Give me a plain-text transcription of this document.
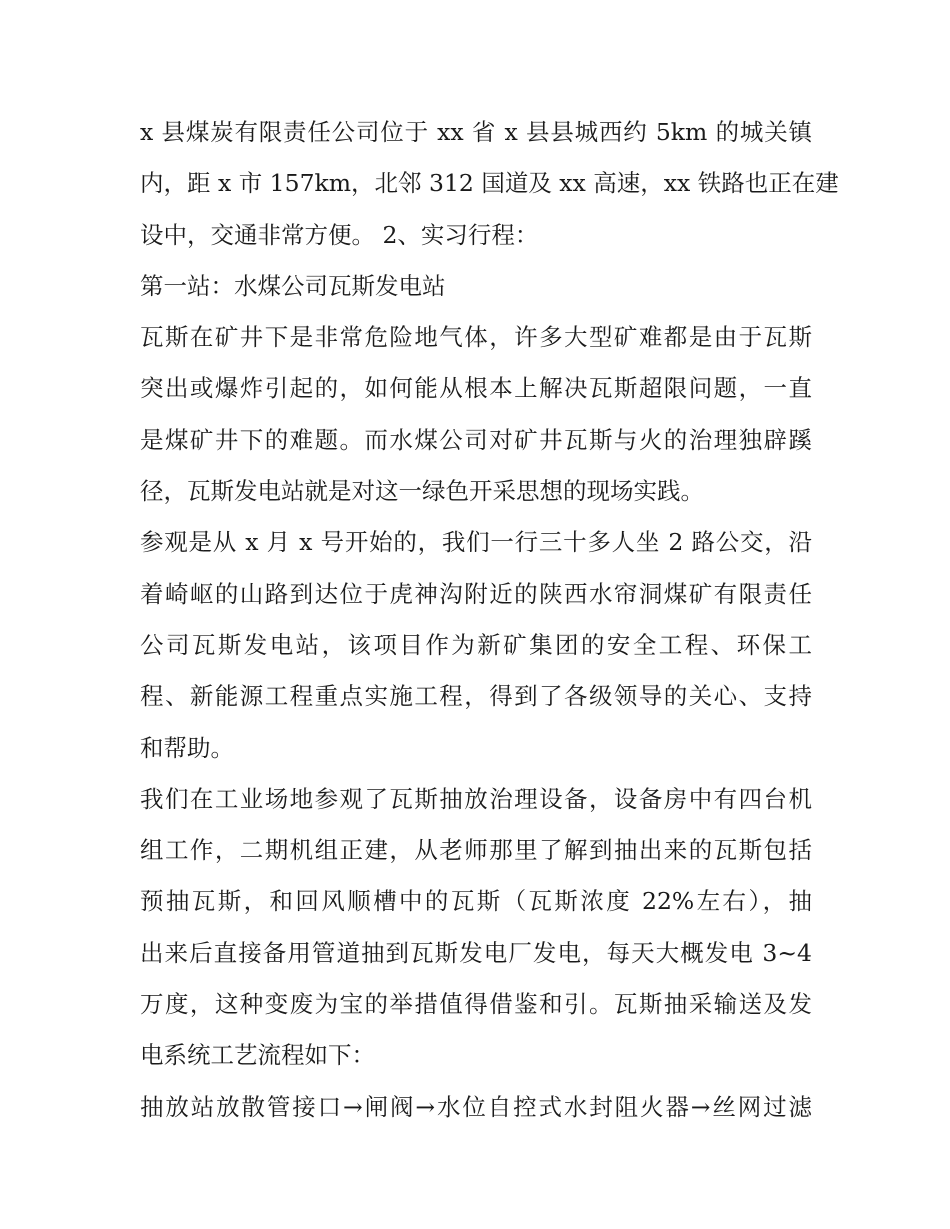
x 县煤炭有限责任公司位于 xx 省 x 县县城西约 5km 的城关镇
内，距 x 市 157km，北邻 312 国道及 xx 高速，xx 铁路也正在建
设中，交通非常方便。 2、实习行程：
第一站：水煤公司瓦斯发电站
瓦斯在矿井下是非常危险地气体，许多大型矿难都是由于瓦斯
突出或爆炸引起的，如何能从根本上解决瓦斯超限问题，一直
是煤矿井下的难题。而水煤公司对矿井瓦斯与火的治理独辟蹊
径，瓦斯发电站就是对这一绿色开采思想的现场实践。
参观是从 x 月 x 号开始的，我们一行三十多人坐 2 路公交，沿
着崎岖的山路到达位于虎神沟附近的陕西水帘洞煤矿有限责任
公司瓦斯发电站，该项目作为新矿集团的安全工程、环保工
程、新能源工程重点实施工程，得到了各级领导的关心、支持
和帮助。
我们在工业场地参观了瓦斯抽放治理设备，设备房中有四台机
组工作，二期机组正建，从老师那里了解到抽出来的瓦斯包括
预抽瓦斯，和回风顺槽中的瓦斯（瓦斯浓度 22%左右），抽
出来后直接备用管道抽到瓦斯发电厂发电，每天大概发电 3~4
万度，这种变废为宝的举措值得借鉴和引。瓦斯抽采输送及发
电系统工艺流程如下：
抽放站放散管接口→闸阀→水位自控式水封阻火器→丝网过滤
